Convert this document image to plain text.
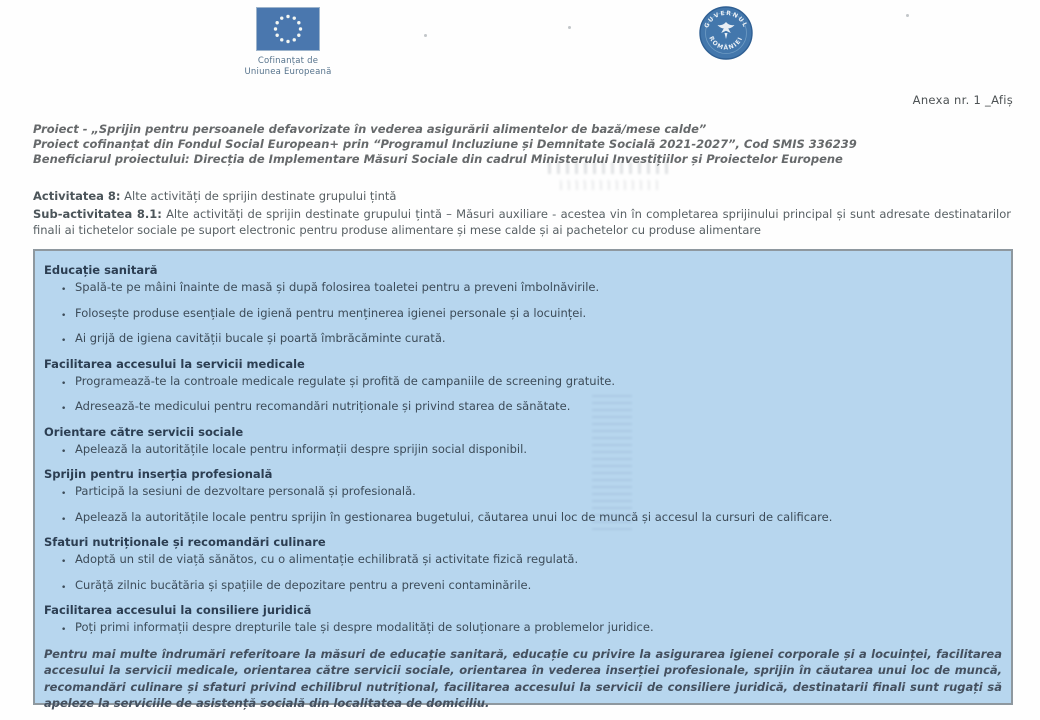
Cofinanțat de
Uniunea Europeană
GUVERNUL
ROMÂNIEI
Anexa nr. 1 _Afiș
Proiect - „Sprijin pentru persoanele defavorizate în vederea asigurării alimentelor de bază/mese calde”
Proiect cofinanțat din Fondul Social European+ prin “Programul Incluziune și Demnitate Socială 2021-2027”, Cod SMIS 336239
Beneficiarul proiectului: Direcția de Implementare Măsuri Sociale din cadrul Ministerului Investițiilor și Proiectelor Europene

Activitatea 8: Alte activități de sprijin destinate grupului țintă

Sub-activitatea 8.1: Alte activități de sprijin destinate grupului țintă – Măsuri auxiliare - acestea vin în completarea sprijinului principal și sunt adresate destinatarilor finali ai tichetelor sociale pe suport electronic pentru produse alimentare și mese calde și ai pachetelor cu produse alimentare

Educație sanitară
•
Spală-te pe mâini înainte de masă și după folosirea toaletei pentru a preveni îmbolnăvirile.
•
Folosește produse esențiale de igienă pentru menținerea igienei personale și a locuinței.
•
Ai grijă de igiena cavității bucale și poartă îmbrăcăminte curată.
Facilitarea accesului la servicii medicale
•
Programează-te la controale medicale regulate și profită de campaniile de screening gratuite.
•
Adresează-te medicului pentru recomandări nutriționale și privind starea de sănătate.
Orientare către servicii sociale
•
Apelează la autoritățile locale pentru informații despre sprijin social disponibil.
Sprijin pentru inserția profesională
•
Participă la sesiuni de dezvoltare personală și profesională.
•
Apelează la autoritățile locale pentru sprijin în gestionarea bugetului, căutarea unui loc de muncă și accesul la cursuri de calificare.
Sfaturi nutriționale și recomandări culinare
•
Adoptă un stil de viață sănătos, cu o alimentație echilibrată și activitate fizică regulată.
•
Curăță zilnic bucătăria și spațiile de depozitare pentru a preveni contaminările.
Facilitarea accesului la consiliere juridică
•
Poți primi informații despre drepturile tale și despre modalități de soluționare a problemelor juridice.
Pentru mai multe îndrumări referitoare la măsuri de educație sanitară, educație cu privire la asigurarea igienei corporale și a locuinței, facilitarea accesului la servicii medicale, orientarea către servicii sociale, orientarea în vederea inserției profesionale, sprijin în căutarea unui loc de muncă, recomandări culinare și sfaturi privind echilibrul nutrițional, facilitarea accesului la servicii de consiliere juridică, destinatarii finali sunt rugați să apeleze la serviciile de asistență socială din localitatea de domiciliu.
